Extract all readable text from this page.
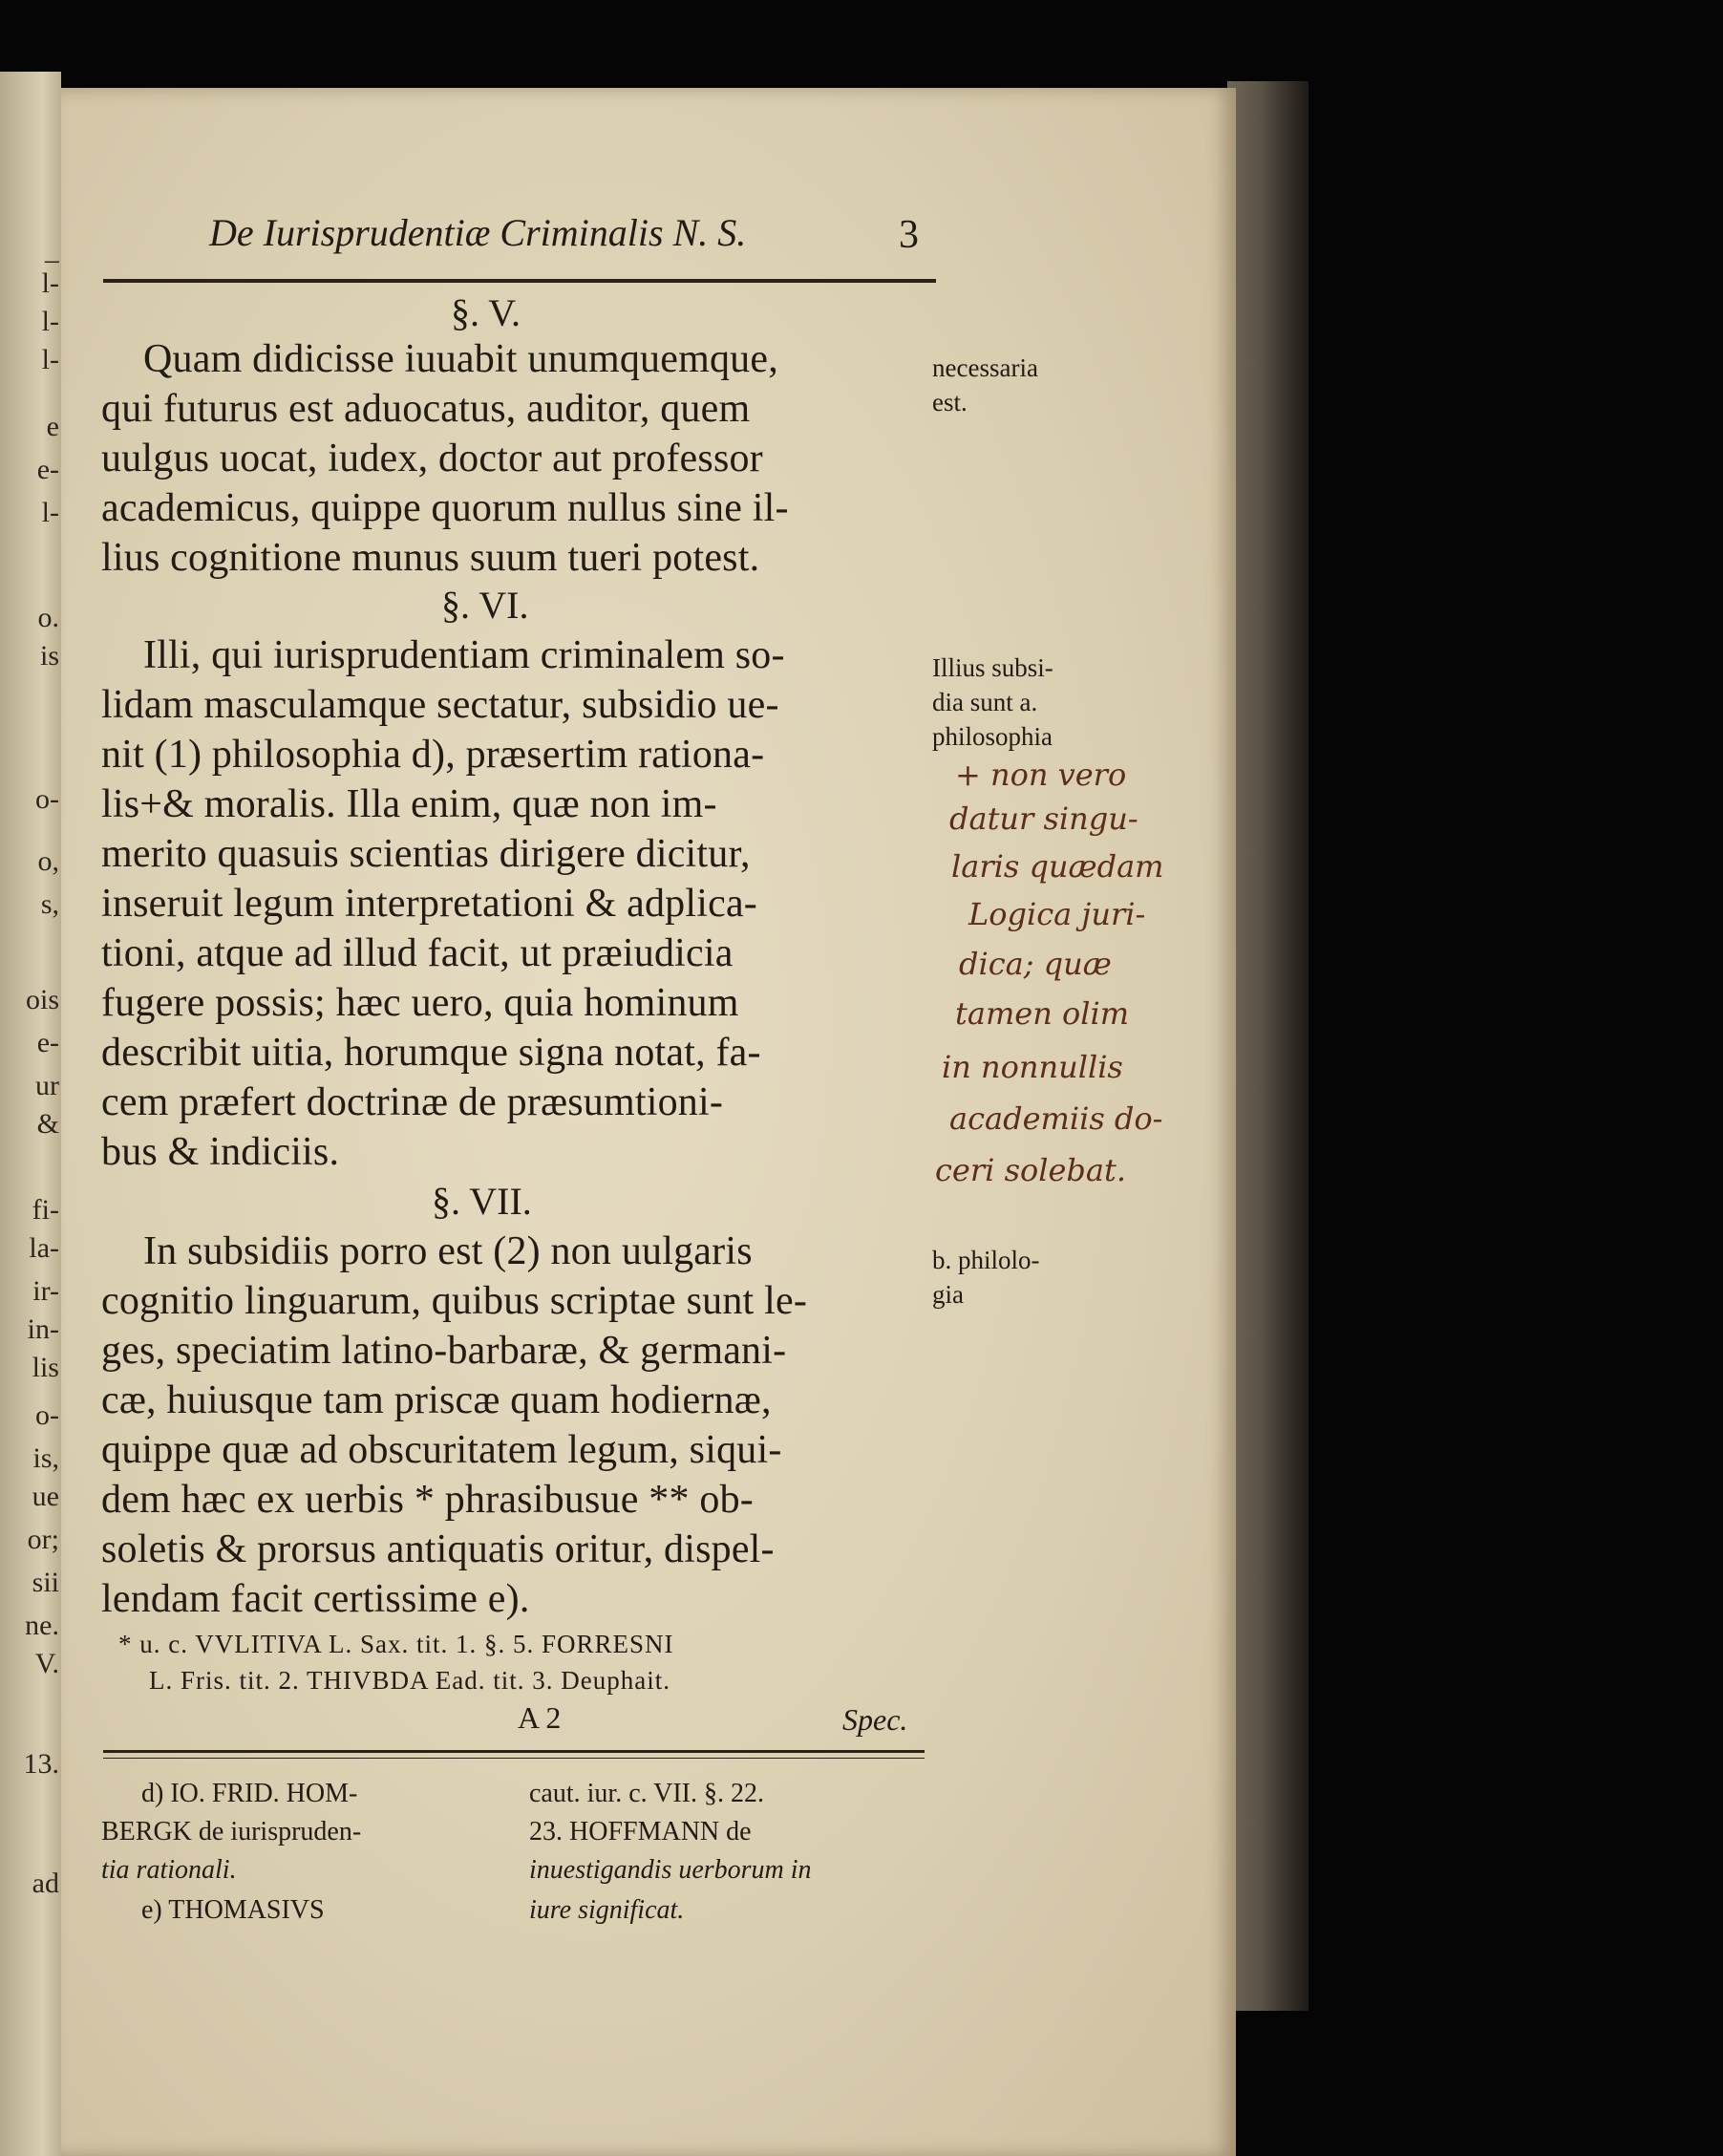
_
l-
l-
l-
e
e-
l-
o.
is
o-
o,
s,
ois
e-
ur
&
fi-
la-
ir-
in-
lis
o-
is,
ue
or;
sii
ne.
V.
13.
ad
De Iurisprudentiæ Criminalis N. S.	3
§. V.
Quam didicisse iuuabit unumquemque,
qui futurus est aduocatus, auditor, quem
uulgus uocat, iudex, doctor aut professor
academicus, quippe quorum nullus sine il-
lius cognitione munus suum tueri potest.
§. VI.
Illi, qui iurisprudentiam criminalem so-
lidam masculamque sectatur, subsidio ue-
nit (1) philosophia d), præsertim rationa-
lis+& moralis. Illa enim, quæ non im-
merito quasuis scientias dirigere dicitur,
inseruit legum interpretationi & adplica-
tioni, atque ad illud facit, ut præiudicia
fugere possis; hæc uero, quia hominum
describit uitia, horumque signa notat, fa-
cem præfert doctrinæ de præsumtioni-
bus & indiciis.
§. VII.
In subsidiis porro est (2) non uulgaris
cognitio linguarum, quibus scriptae sunt le-
ges, speciatim latino-barbaræ, & germani-
cæ, huiusque tam priscæ quam hodiernæ,
quippe quæ ad obscuritatem legum, siqui-
dem hæc ex uerbis * phrasibusue ** ob-
soletis & prorsus antiquatis oritur, dispel-
lendam facit certissime e).
necessaria
est.
Illius subsi-
dia sunt a.
philosophia
b. philolo-
gia
+ non vero
datur singu-
laris quædam
Logica juri-
dica; quæ
tamen olim
in nonnullis
academiis do-
ceri solebat.
* u. c. VVLITIVA L. Sax. tit. 1. §. 5. FORRESNI
L. Fris. tit. 2. THIVBDA Ead. tit. 3. Deuphait.
A 2	Spec.
d) IO. FRID. HOM-
BERGK de iurispruden-
tia rationali.
e) THOMASIVS
caut. iur. c. VII. §. 22.
23. HOFFMANN de
inuestigandis uerborum in
iure significat.
